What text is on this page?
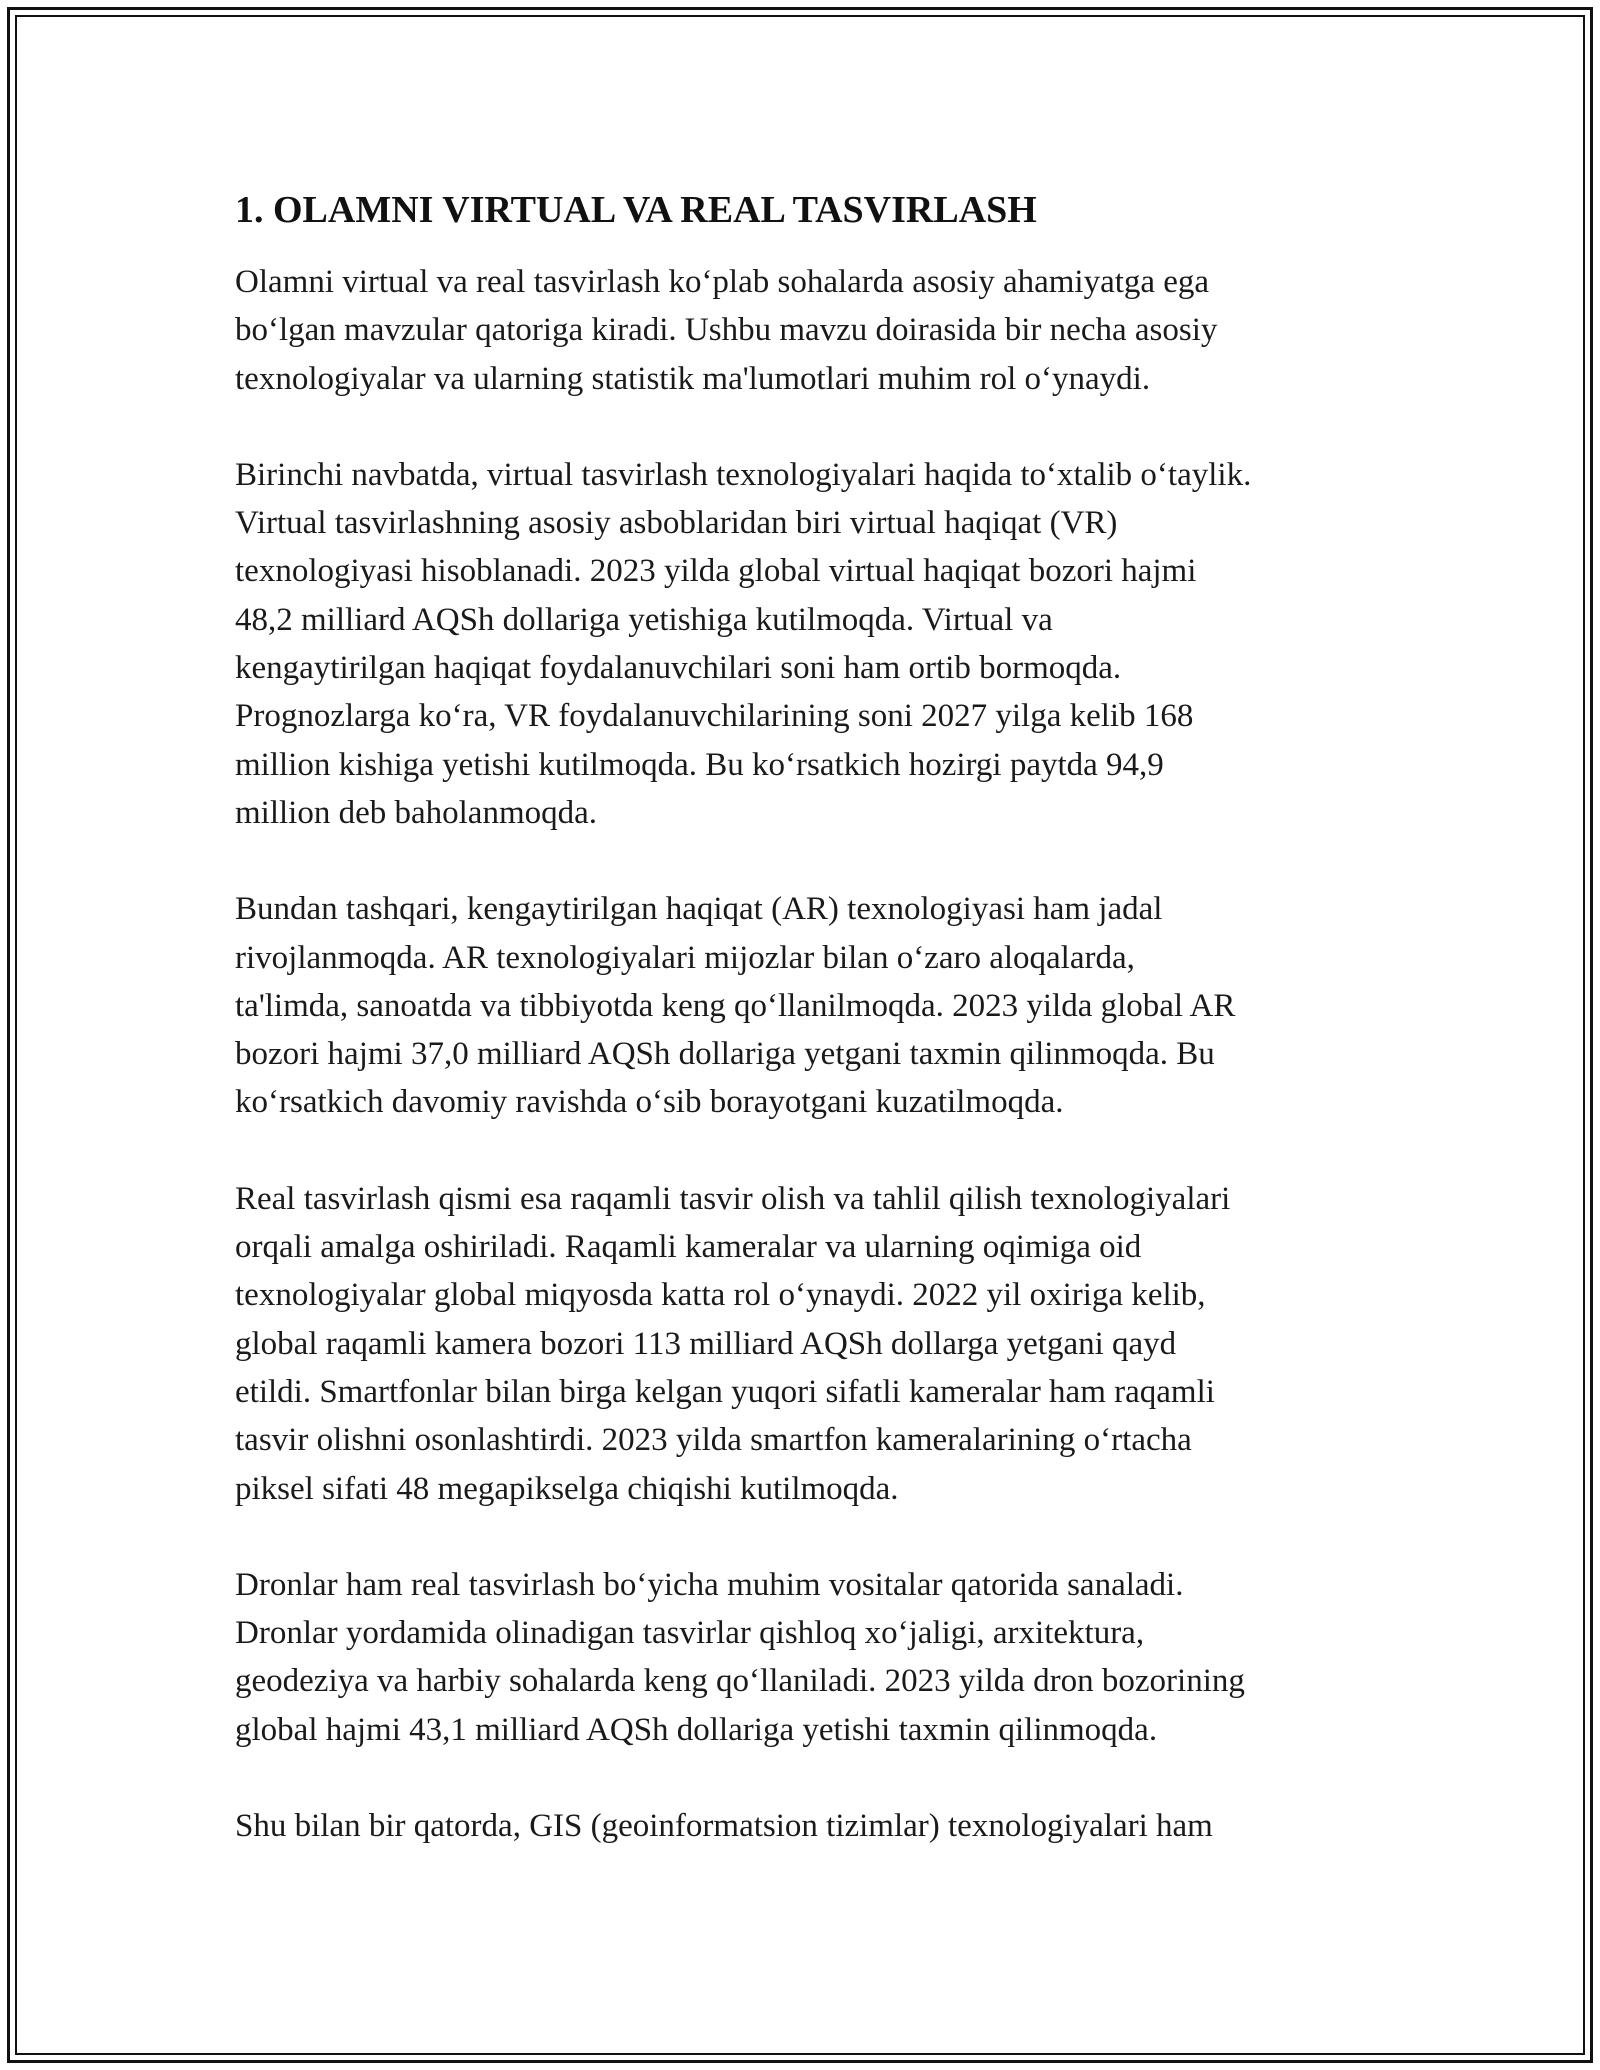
1. OLAMNI VIRTUAL VA REAL TASVIRLASH

Olamni virtual va real tasvirlash ko‘plab sohalarda asosiy ahamiyatga ega
bo‘lgan mavzular qatoriga kiradi. Ushbu mavzu doirasida bir necha asosiy
texnologiyalar va ularning statistik ma'lumotlari muhim rol o‘ynaydi.

Birinchi navbatda, virtual tasvirlash texnologiyalari haqida to‘xtalib o‘taylik.
Virtual tasvirlashning asosiy asboblaridan biri virtual haqiqat (VR)
texnologiyasi hisoblanadi. 2023 yilda global virtual haqiqat bozori hajmi
48,2 milliard AQSh dollariga yetishiga kutilmoqda. Virtual va
kengaytirilgan haqiqat foydalanuvchilari soni ham ortib bormoqda.
Prognozlarga ko‘ra, VR foydalanuvchilarining soni 2027 yilga kelib 168
million kishiga yetishi kutilmoqda. Bu ko‘rsatkich hozirgi paytda 94,9
million deb baholanmoqda.

Bundan tashqari, kengaytirilgan haqiqat (AR) texnologiyasi ham jadal
rivojlanmoqda. AR texnologiyalari mijozlar bilan o‘zaro aloqalarda,
ta'limda, sanoatda va tibbiyotda keng qo‘llanilmoqda. 2023 yilda global AR
bozori hajmi 37,0 milliard AQSh dollariga yetgani taxmin qilinmoqda. Bu
ko‘rsatkich davomiy ravishda o‘sib borayotgani kuzatilmoqda.

Real tasvirlash qismi esa raqamli tasvir olish va tahlil qilish texnologiyalari
orqali amalga oshiriladi. Raqamli kameralar va ularning oqimiga oid
texnologiyalar global miqyosda katta rol o‘ynaydi. 2022 yil oxiriga kelib,
global raqamli kamera bozori 113 milliard AQSh dollarga yetgani qayd
etildi. Smartfonlar bilan birga kelgan yuqori sifatli kameralar ham raqamli
tasvir olishni osonlashtirdi. 2023 yilda smartfon kameralarining o‘rtacha
piksel sifati 48 megapikselga chiqishi kutilmoqda.

Dronlar ham real tasvirlash bo‘yicha muhim vositalar qatorida sanaladi.
Dronlar yordamida olinadigan tasvirlar qishloq xo‘jaligi, arxitektura,
geodeziya va harbiy sohalarda keng qo‘llaniladi. 2023 yilda dron bozorining
global hajmi 43,1 milliard AQSh dollariga yetishi taxmin qilinmoqda.

Shu bilan bir qatorda, GIS (geoinformatsion tizimlar) texnologiyalari ham
